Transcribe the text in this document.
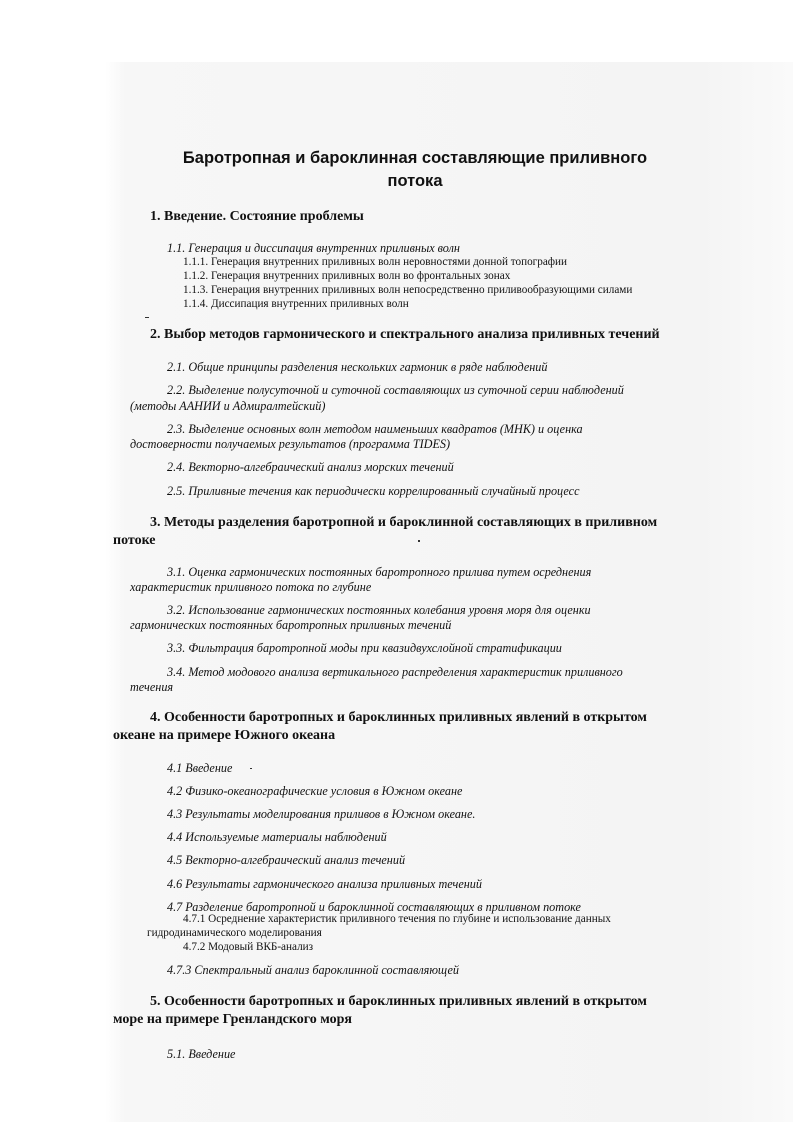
Баротропная и бароклинная составляющие приливного
потока

1. Введение. Состояние проблемы

1.1. Генерация и диссипация внутренних приливных волн

1.1.1. Генерация внутренних приливных волн неровностями донной топографии

1.1.2. Генерация внутренних приливных волн во фронтальных зонах

1.1.3. Генерация внутренних приливных волн непосредственно приливообразующими силами

1.1.4. Диссипация внутренних приливных волн

2. Выбор методов гармонического и спектрального анализа приливных течений

2.1. Общие принципы разделения нескольких гармоник в ряде наблюдений

2.2. Выделение полусуточной и суточной составляющих из суточной серии наблюдений

(методы ААНИИ и Адмиралтейский)

2.3. Выделение основных волн методом наименьших квадратов (МНК) и оценка

достоверности получаемых результатов (программа TIDES)

2.4. Векторно-алгебраический анализ морских течений

2.5. Приливные течения как периодически коррелированный случайный процесс

3. Методы разделения баротропной и бароклинной составляющих в приливном

потоке

3.1. Оценка гармонических постоянных баротропного прилива путем осреднения

характеристик приливного потока по глубине

3.2. Использование гармонических постоянных колебания уровня моря для оценки

гармонических постоянных баротропных приливных течений

3.3. Фильтрация баротропной моды при квазидвухслойной стратификации

3.4. Метод модового анализа вертикального распределения характеристик приливного

течения

4. Особенности баротропных и бароклинных приливных явлений в открытом

океане на примере Южного океана

4.1 Введение

4.2 Физико-океанографические условия в Южном океане

4.3 Результаты моделирования приливов в Южном океане.

4.4 Используемые материалы наблюдений

4.5 Векторно-алгебраический анализ течений

4.6 Результаты гармонического анализа приливных течений

4.7 Разделение баротропной и бароклинной составляющих в приливном потоке

4.7.1 Осреднение характеристик приливного течения по глубине и использование данных

гидродинамического моделирования

4.7.2 Модовый ВКБ-анализ

4.7.3 Спектральный анализ бароклинной составляющей

5. Особенности баротропных и бароклинных приливных явлений в открытом

море на примере Гренландского моря

5.1. Введение
